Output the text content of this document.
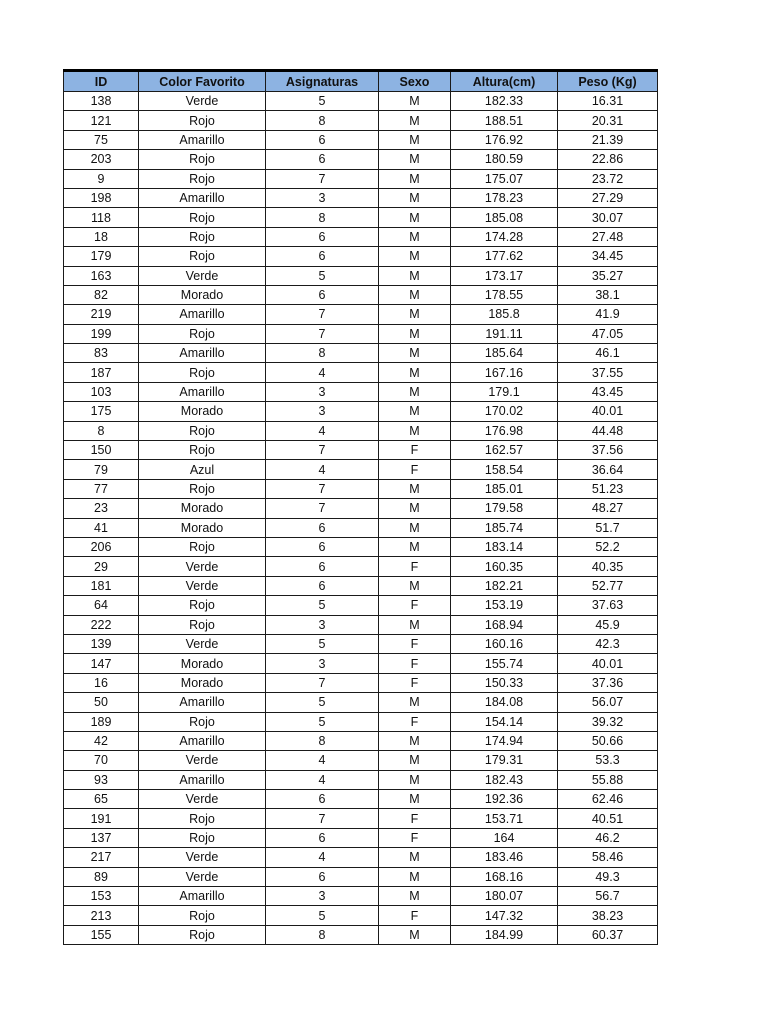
ID	Color Favorito	Asignaturas	Sexo	Altura(cm)	Peso (Kg)
138	Verde	5	M	182.33	16.31
121	Rojo	8	M	188.51	20.31
75	Amarillo	6	M	176.92	21.39
203	Rojo	6	M	180.59	22.86
9	Rojo	7	M	175.07	23.72
198	Amarillo	3	M	178.23	27.29
118	Rojo	8	M	185.08	30.07
18	Rojo	6	M	174.28	27.48
179	Rojo	6	M	177.62	34.45
163	Verde	5	M	173.17	35.27
82	Morado	6	M	178.55	38.1
219	Amarillo	7	M	185.8	41.9
199	Rojo	7	M	191.11	47.05
83	Amarillo	8	M	185.64	46.1
187	Rojo	4	M	167.16	37.55
103	Amarillo	3	M	179.1	43.45
175	Morado	3	M	170.02	40.01
8	Rojo	4	M	176.98	44.48
150	Rojo	7	F	162.57	37.56
79	Azul	4	F	158.54	36.64
77	Rojo	7	M	185.01	51.23
23	Morado	7	M	179.58	48.27
41	Morado	6	M	185.74	51.7
206	Rojo	6	M	183.14	52.2
29	Verde	6	F	160.35	40.35
181	Verde	6	M	182.21	52.77
64	Rojo	5	F	153.19	37.63
222	Rojo	3	M	168.94	45.9
139	Verde	5	F	160.16	42.3
147	Morado	3	F	155.74	40.01
16	Morado	7	F	150.33	37.36
50	Amarillo	5	M	184.08	56.07
189	Rojo	5	F	154.14	39.32
42	Amarillo	8	M	174.94	50.66
70	Verde	4	M	179.31	53.3
93	Amarillo	4	M	182.43	55.88
65	Verde	6	M	192.36	62.46
191	Rojo	7	F	153.71	40.51
137	Rojo	6	F	164	46.2
217	Verde	4	M	183.46	58.46
89	Verde	6	M	168.16	49.3
153	Amarillo	3	M	180.07	56.7
213	Rojo	5	F	147.32	38.23
155	Rojo	8	M	184.99	60.37
